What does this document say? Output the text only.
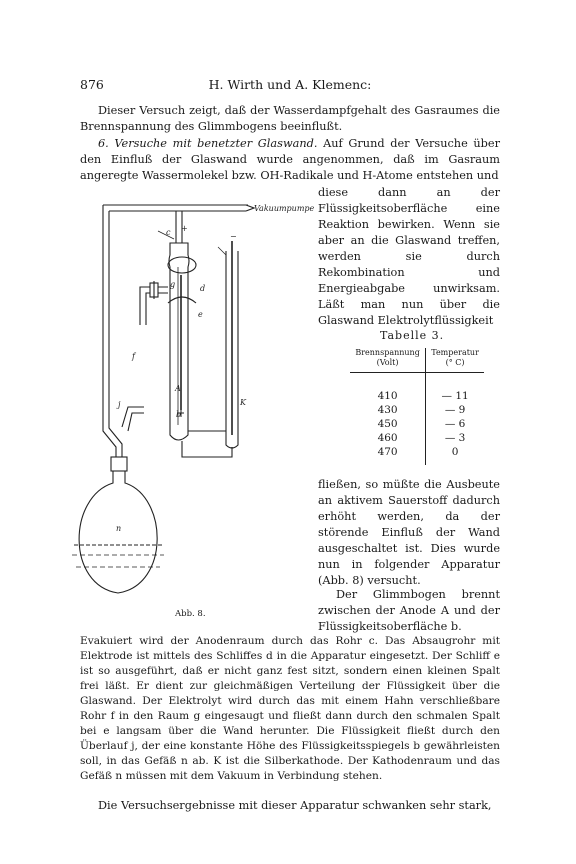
876	H. Wirth und A. Klemenc:
Dieser Versuch zeigt, daß der Wasserdampfgehalt des Gasraumes die Brennspannung des Glimmbogens beeinflußt.
6. Versuche mit benetzter Glaswand. Auf Grund der Versuche über den Einfluß der Glaswand wurde angenommen, daß im Gasraum angeregte Wassermolekel bzw. OH-Radikale und H-Atome entstehen und
diese dann an der Flüssigkeitsoberfläche eine Reaktion bewirken. Wenn sie aber an die Glaswand treffen, werden sie durch Rekombination und Energieabgabe unwirksam. Läßt man nun über die Glaswand Elektrolytflüssigkeit
Tabelle 3.
Brennspannung (Volt)	Temperatur (° C)
410	— 11
430	— 9
450	— 6
460	— 3
470	0
fließen, so müßte die Ausbeute an aktivem Sauerstoff dadurch erhöht werden, da der störende Einfluß der Wand ausgeschaltet ist. Dies wurde nun in folgender Apparatur (Abb. 8) versucht.
Der Glimmbogen brennt zwischen der Anode A und der Flüssigkeitsoberfläche b.
Abb. 8.
Evakuiert wird der Anodenraum durch das Rohr c. Das Absaugrohr mit Elektrode ist mittels des Schliffes d in die Apparatur eingesetzt. Der Schliff e ist so ausgeführt, daß er nicht ganz fest sitzt, sondern einen kleinen Spalt frei läßt. Er dient zur gleichmäßigen Verteilung der Flüssigkeit über die Glaswand. Der Elektrolyt wird durch das mit einem Hahn verschließbare Rohr f in den Raum g eingesaugt und fließt dann durch den schmalen Spalt bei e langsam über die Wand herunter. Die Flüssigkeit fließt durch den Überlauf j, der eine konstante Höhe des Flüssigkeitsspiegels b gewährleisten soll, in das Gefäß n ab. K ist die Silberkathode. Der Kathodenraum und das Gefäß n müssen mit dem Vakuum in Verbindung stehen.
Die Versuchsergebnisse mit dieser Apparatur schwanken sehr stark,
Vakuumpumpe
c +
−
d
g
e
f
A
b
K
j
n
